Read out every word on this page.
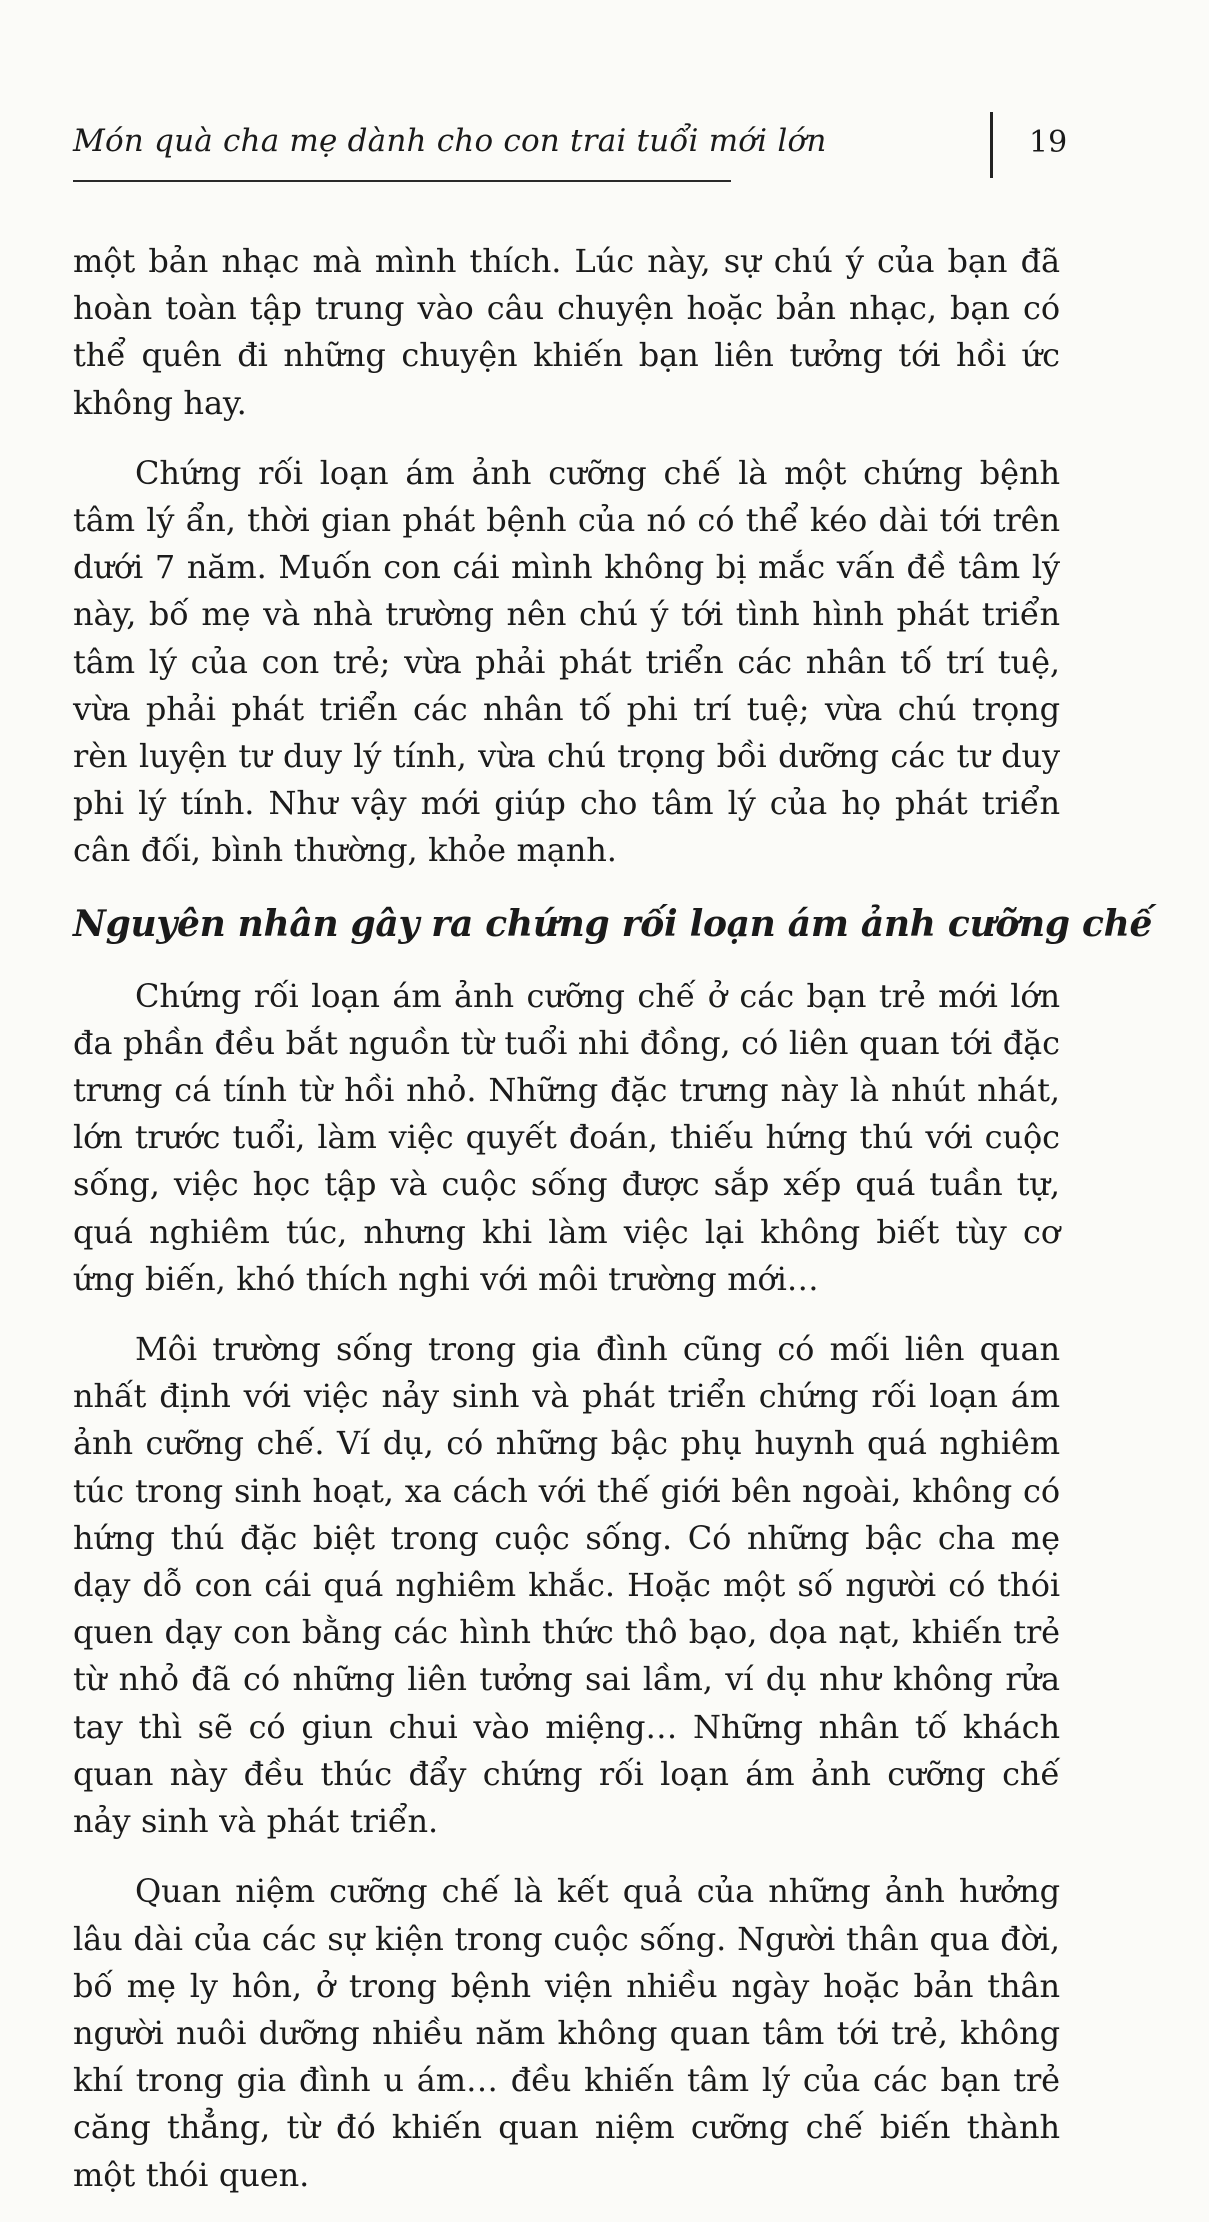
Món quà cha mẹ dành cho con trai tuổi mới lớn	19

một bản nhạc mà mình thích. Lúc này, sự chú ý của bạn đã hoàn toàn tập trung vào câu chuyện hoặc bản nhạc, bạn có thể quên đi những chuyện khiến bạn liên tưởng tới hồi ức không hay.

Chứng rối loạn ám ảnh cưỡng chế là một chứng bệnh tâm lý ẩn, thời gian phát bệnh của nó có thể kéo dài tới trên dưới 7 năm. Muốn con cái mình không bị mắc vấn đề tâm lý này, bố mẹ và nhà trường nên chú ý tới tình hình phát triển tâm lý của con trẻ; vừa phải phát triển các nhân tố trí tuệ, vừa phải phát triển các nhân tố phi trí tuệ; vừa chú trọng rèn luyện tư duy lý tính, vừa chú trọng bồi dưỡng các tư duy phi lý tính. Như vậy mới giúp cho tâm lý của họ phát triển cân đối, bình thường, khỏe mạnh.

Nguyên nhân gây ra chứng rối loạn ám ảnh cưỡng chế

Chứng rối loạn ám ảnh cưỡng chế ở các bạn trẻ mới lớn đa phần đều bắt nguồn từ tuổi nhi đồng, có liên quan tới đặc trưng cá tính từ hồi nhỏ. Những đặc trưng này là nhút nhát, lớn trước tuổi, làm việc quyết đoán, thiếu hứng thú với cuộc sống, việc học tập và cuộc sống được sắp xếp quá tuần tự, quá nghiêm túc, nhưng khi làm việc lại không biết tùy cơ ứng biến, khó thích nghi với môi trường mới…

Môi trường sống trong gia đình cũng có mối liên quan nhất định với việc nảy sinh và phát triển chứng rối loạn ám ảnh cưỡng chế. Ví dụ, có những bậc phụ huynh quá nghiêm túc trong sinh hoạt, xa cách với thế giới bên ngoài, không có hứng thú đặc biệt trong cuộc sống. Có những bậc cha mẹ dạy dỗ con cái quá nghiêm khắc. Hoặc một số người có thói quen dạy con bằng các hình thức thô bạo, dọa nạt, khiến trẻ từ nhỏ đã có những liên tưởng sai lầm, ví dụ như không rửa tay thì sẽ có giun chui vào miệng… Những nhân tố khách quan này đều thúc đẩy chứng rối loạn ám ảnh cưỡng chế nảy sinh và phát triển.

Quan niệm cưỡng chế là kết quả của những ảnh hưởng lâu dài của các sự kiện trong cuộc sống. Người thân qua đời, bố mẹ ly hôn, ở trong bệnh viện nhiều ngày hoặc bản thân người nuôi dưỡng nhiều năm không quan tâm tới trẻ, không khí trong gia đình u ám… đều khiến tâm lý của các bạn trẻ căng thẳng, từ đó khiến quan niệm cưỡng chế biến thành một thói quen.
